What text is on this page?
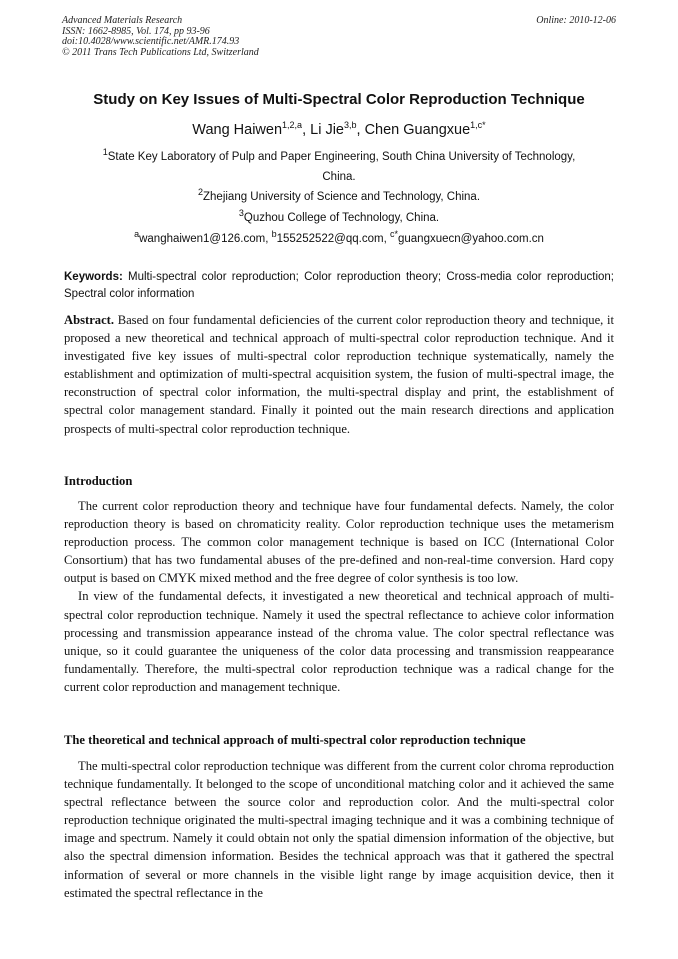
Advanced Materials Research
ISSN: 1662-8985, Vol. 174, pp 93-96
doi:10.4028/www.scientific.net/AMR.174.93
© 2011 Trans Tech Publications Ltd, Switzerland
Online: 2010-12-06
Study on Key Issues of Multi-Spectral Color Reproduction Technique
Wang Haiwen$^{1,2,a}$, Li Jie$^{3,b}$, Chen Guangxue$^{1,c*}$
$^1$State Key Laboratory of Pulp and Paper Engineering, South China University of Technology,
China.
$^2$Zhejiang University of Science and Technology, China.
$^3$Quzhou College of Technology, China.
$^a$wanghaiwen1@126.com, $^b$155252522@qq.com, $^{c*}$guangxuecn@yahoo.com.cn
Keywords: Multi-spectral color reproduction; Color reproduction theory; Cross-media color reproduction; Spectral color information

Abstract. Based on four fundamental deficiencies of the current color reproduction theory and technique, it proposed a new theoretical and technical approach of multi-spectral color reproduction technique. And it investigated five key issues of multi-spectral color reproduction technique systematically, namely the establishment and optimization of multi-spectral acquisition system, the fusion of multi-spectral image, the reconstruction of spectral color information, the multi-spectral display and print, the establishment of spectral color management standard. Finally it pointed out the main research directions and application prospects of multi-spectral color reproduction technique.

Introduction

The current color reproduction theory and technique have four fundamental defects. Namely, the color reproduction theory is based on chromaticity reality. Color reproduction technique uses the metamerism reproduction process. The common color management technique is based on ICC (International Color Consortium) that has two fundamental abuses of the pre-defined and non-real-time conversion. Hard copy output is based on CMYK mixed method and the free degree of color synthesis is too low.

In view of the fundamental defects, it investigated a new theoretical and technical approach of multi-spectral color reproduction technique. Namely it used the spectral reflectance to achieve color information processing and transmission appearance instead of the chroma value. The color spectral reflectance was unique, so it could guarantee the uniqueness of the color data processing and transmission reappearance fundamentally. Therefore, the multi-spectral color reproduction technique was a radical change for the current color reproduction and management technique.

The theoretical and technical approach of multi-spectral color reproduction technique

The multi-spectral color reproduction technique was different from the current color chroma reproduction technique fundamentally. It belonged to the scope of unconditional matching color and it achieved the same spectral reflectance between the source color and reproduction color. And the multi-spectral color reproduction technique originated the multi-spectral imaging technique and it was a combining technique of image and spectrum. Namely it could obtain not only the spatial dimension information of the objective, but also the spectral dimension information. Besides the technical approach was that it gathered the spectral information of several or more channels in the visible light range by image acquisition device, then it estimated the spectral reflectance in the
